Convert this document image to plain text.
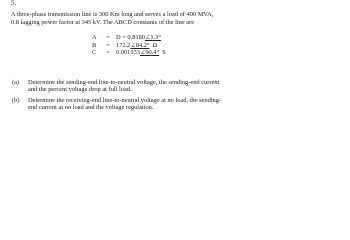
5.
A three-phase transmission line is 300 Km long and serves a load of 400 MVA,
0.8 lagging power factor at 345 kV. The ABCD constants of the line are
A	= D = 0.8180 ∠1.3°
B	= 172.2 ∠84.2° Ω
C	= 0.001933 ∠90.4° S
(a)	Determine the sending-end line-to-neutral voltage, the sending-end current
and the percent voltage drop at full load.
(b)	Determine the receiving-end line-to-neutral voltage at no load, the sending-
end current at no load and the voltage regulation.
